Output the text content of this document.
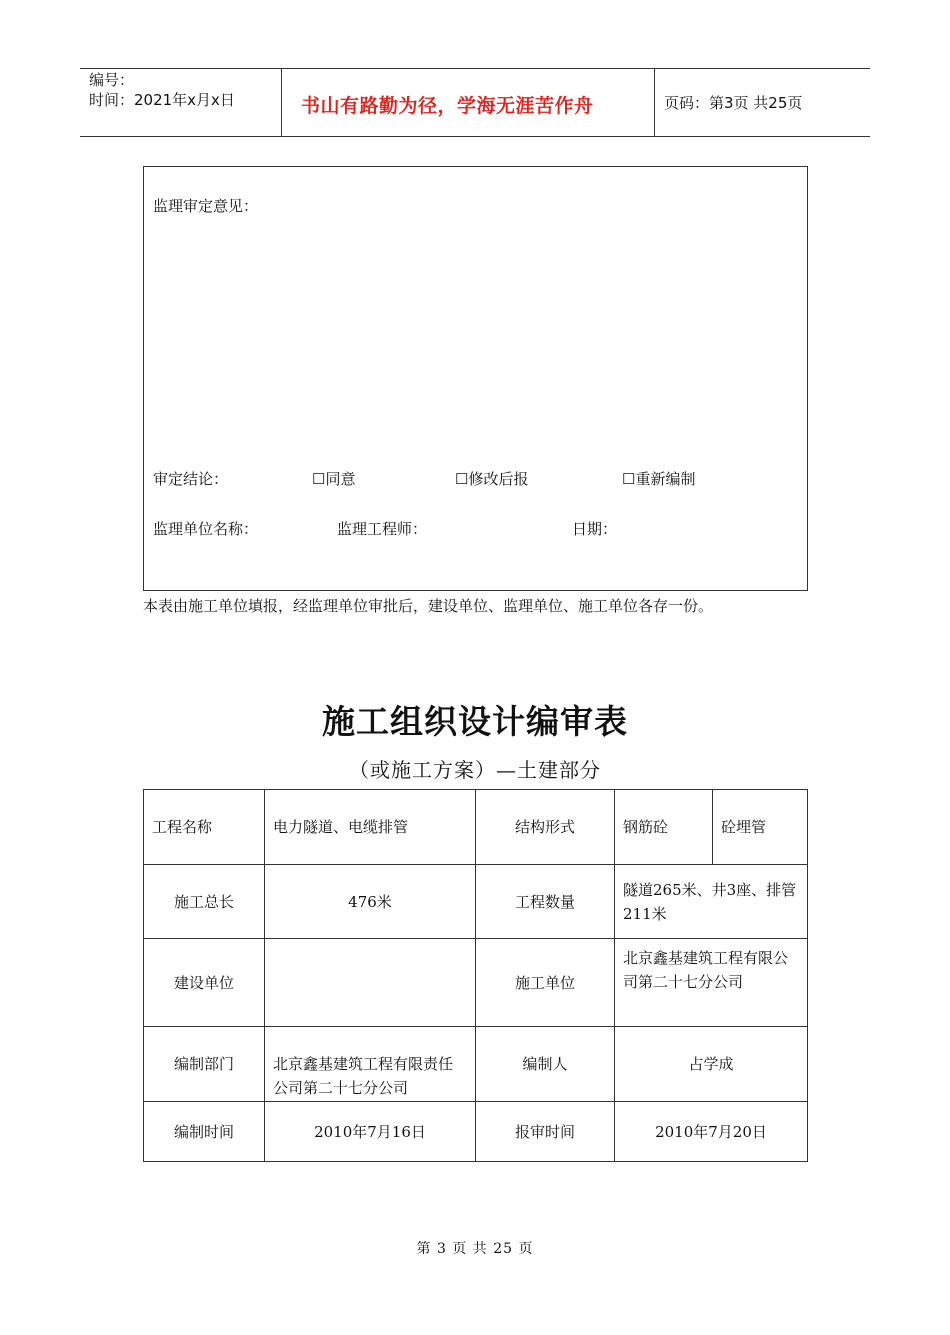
编号：
时间：2021年x月x日	书山有路勤为径，学海无涯苦作舟	页码：第3页 共25页
监理审定意见：
审定结论：	☐同意	☐修改后报	☐重新编制
监理单位名称：	监理工程师：	日期：
本表由施工单位填报，经监理单位审批后，建设单位、监理单位、施工单位各存一份。
施工组织设计编审表
（或施工方案）—土建部分
工程名称	电力隧道、电缆排管	结构形式	钢筋砼	砼埋管
施工总长	476米	工程数量	隧道265米、井3座、排管211米	
建设单位		施工单位	北京鑫基建筑工程有限公司第二十七分公司	
编制部门	北京鑫基建筑工程有限责任公司第二十七分公司	编制人	占学成	
编制时间	2010年7月16日	报审时间	2010年7月20日	
第 3 页 共 25 页
